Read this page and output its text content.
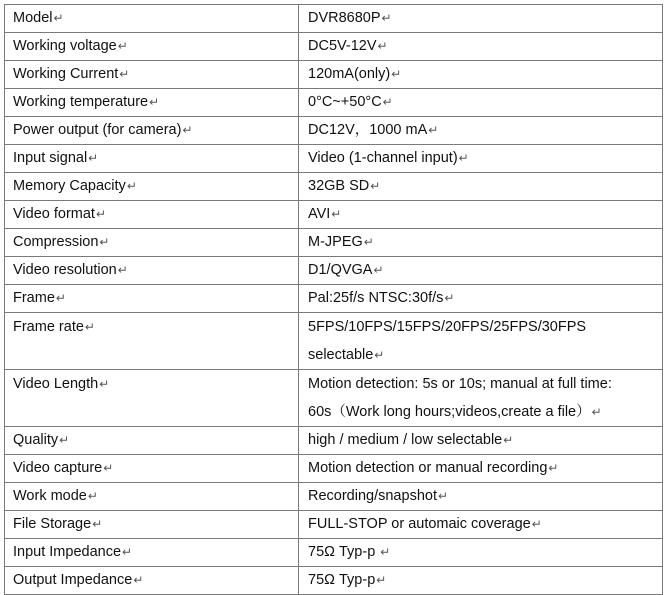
Model↵	DVR8680P↵

Working voltage↵	DC5V-12V↵

Working Current↵	120mA(only)↵

Working temperature↵	0°C~+50°C↵

Power output (for camera)↵	DC12V，1000 mA↵

Input signal↵	Video (1-channel input)↵

Memory Capacity↵	32GB SD↵

Video format↵	AVI↵

Compression↵	M-JPEG↵

Video resolution↵	D1/QVGA↵

Frame↵	Pal:25f/s NTSC:30f/s↵

Frame rate↵	5FPS/10FPS/15FPS/20FPS/25FPS/30FPS
selectable↵

Video Length↵	Motion detection: 5s or 10s; manual at full time:
60s（Work long hours;videos,create a file）↵

Quality↵	high / medium / low selectable↵

Video capture↵	Motion detection or manual recording↵

Work mode↵	Recording/snapshot↵

File Storage↵	FULL-STOP or automaic coverage↵

Input Impedance↵	75Ω Typ-p ↵

Output Impedance↵	75Ω Typ-p↵
